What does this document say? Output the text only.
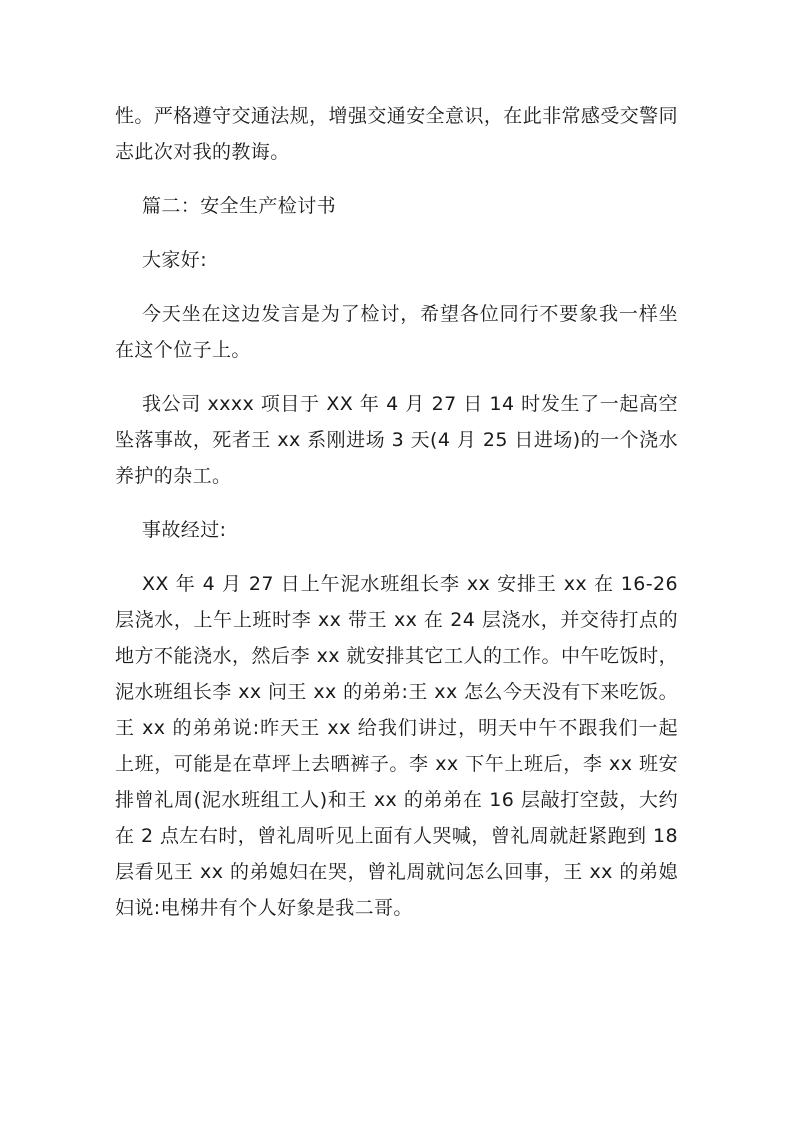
性。严格遵守交通法规，增强交通安全意识，在此非常感受交警同志此次对我的教诲。

篇二：安全生产检讨书

大家好:

今天坐在这边发言是为了检讨，希望各位同行不要象我一样坐在这个位子上。

我公司 xxxx 项目于 XX 年 4 月 27 日 14 时发生了一起高空坠落事故，死者王 xx 系刚进场 3 天(4 月 25 日进场)的一个浇水养护的杂工。

事故经过:

XX 年 4 月 27 日上午泥水班组长李 xx 安排王 xx 在 16-26 层浇水，上午上班时李 xx 带王 xx 在 24 层浇水，并交待打点的地方不能浇水，然后李 xx 就安排其它工人的工作。中午吃饭时，泥水班组长李 xx 问王 xx 的弟弟:王 xx 怎么今天没有下来吃饭。王 xx 的弟弟说:昨天王 xx 给我们讲过，明天中午不跟我们一起上班，可能是在草坪上去晒裤子。李 xx 下午上班后，李 xx 班安排曾礼周(泥水班组工人)和王 xx 的弟弟在 16 层敲打空鼓，大约在 2 点左右时，曾礼周听见上面有人哭喊，曾礼周就赶紧跑到 18 层看见王 xx 的弟媳妇在哭，曾礼周就问怎么回事，王 xx 的弟媳妇说:电梯井有个人好象是我二哥。
